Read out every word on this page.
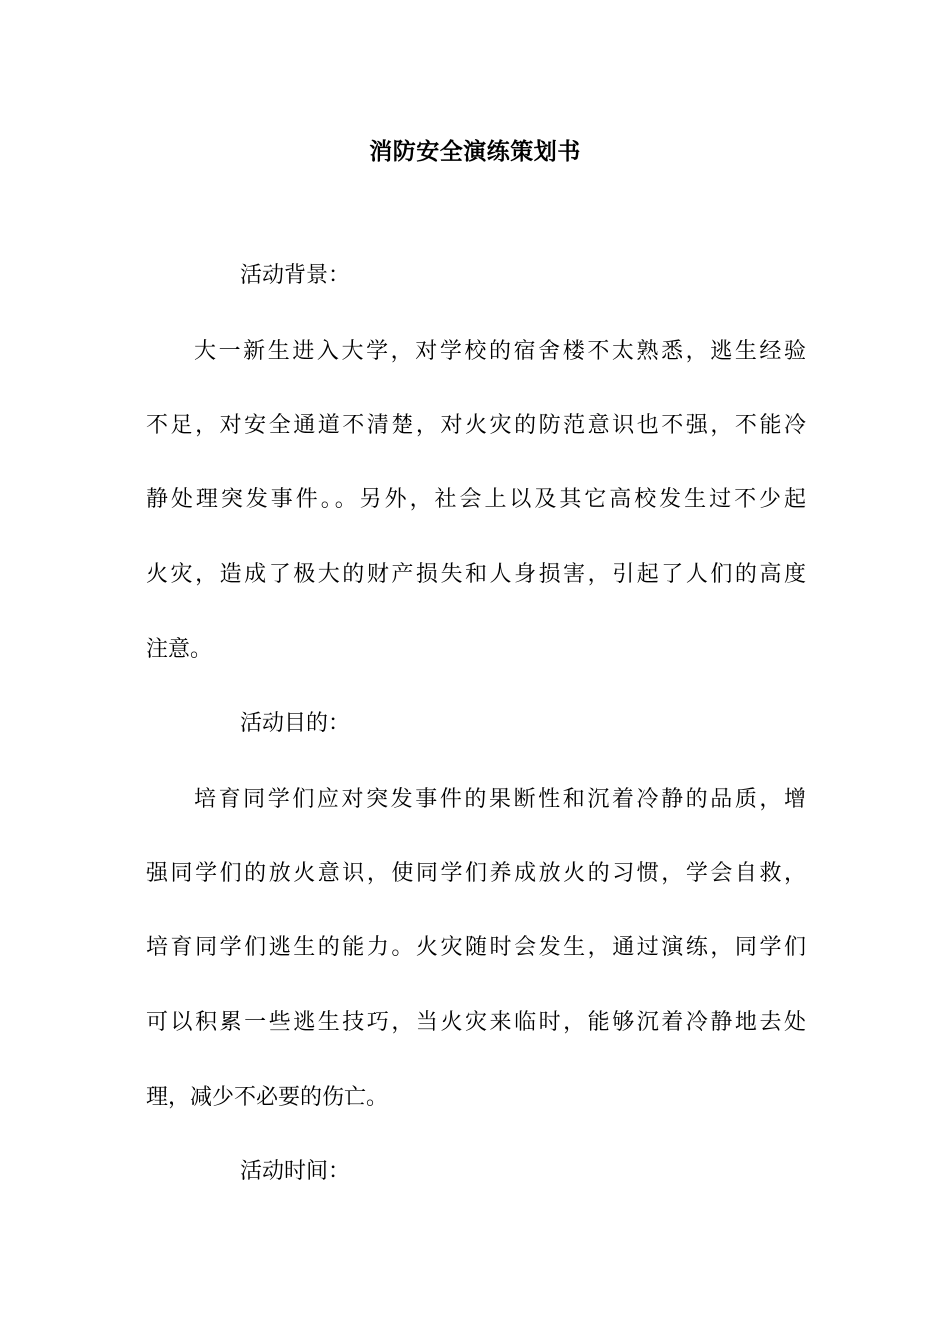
消防安全演练策划书
活动背景：
大一新生进入大学，对学校的宿舍楼不太熟悉，逃生经验
不足，对安全通道不清楚，对火灾的防范意识也不强，不能冷
静处理突发事件。。另外，社会上以及其它高校发生过不少起
火灾，造成了极大的财产损失和人身损害，引起了人们的高度
注意。
活动目的：
培育同学们应对突发事件的果断性和沉着冷静的品质，增
强同学们的放火意识，使同学们养成放火的习惯，学会自救，
培育同学们逃生的能力。火灾随时会发生，通过演练，同学们
可以积累一些逃生技巧，当火灾来临时，能够沉着冷静地去处
理，减少不必要的伤亡。
活动时间：
